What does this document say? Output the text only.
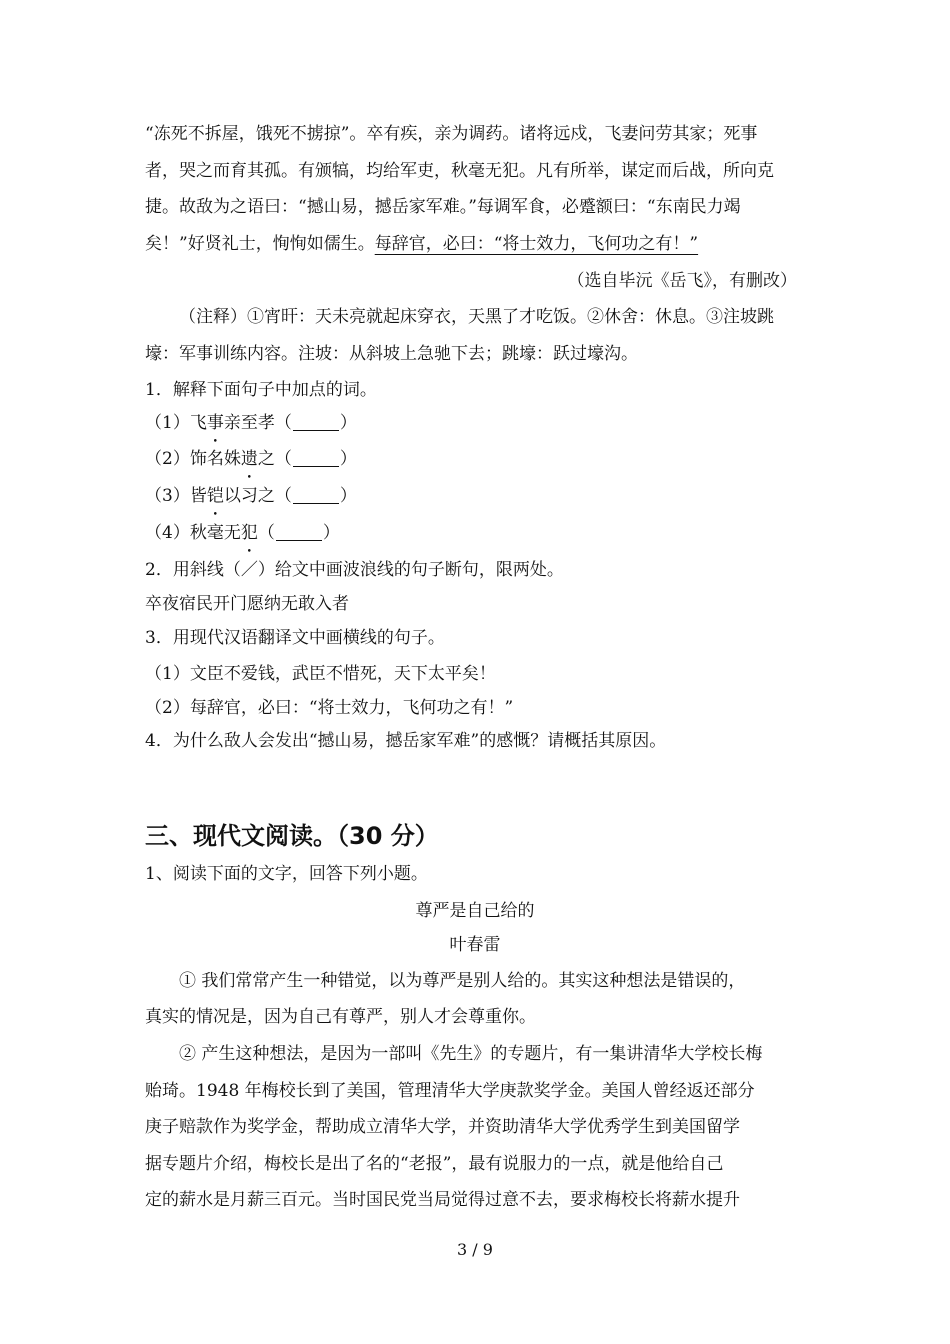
“冻死不拆屋，饿死不掳掠”。卒有疾，亲为调药。诸将远戍，飞妻问劳其家；死事
者，哭之而育其孤。有颁犒，均给军吏，秋毫无犯。凡有所举，谋定而后战，所向克
捷。故敌为之语曰：“撼山易，撼岳家军难。”每调军食，必蹙额曰：“东南民力竭
矣！”好贤礼士，恂恂如儒生。每辞官，必曰：“将士效力，飞何功之有！”
（选自毕沅《岳飞》，有删改）
（注释）①宵旰：天未亮就起床穿衣，天黑了才吃饭。②休舍：休息。③注坡跳
壕：军事训练内容。注坡：从斜坡上急驰下去；跳壕：跃过壕沟。
1．解释下面句子中加点的词。
（1）飞事亲至孝（	）
（2）饰名姝遗之（	）
（3）皆铠以习之（	）
（4）秋毫无犯（	）
2．用斜线（／）给文中画波浪线的句子断句，限两处。
卒夜宿民开门愿纳无敢入者
3．用现代汉语翻译文中画横线的句子。
（1）文臣不爱钱，武臣不惜死，天下太平矣！
（2）每辞官，必曰：“将士效力，飞何功之有！”
4．为什么敌人会发出“撼山易，撼岳家军难”的感慨？请概括其原因。
三、现代文阅读。（30 分）
1、阅读下面的文字，回答下列小题。
尊严是自己给的
叶春雷
① 我们常常产生一种错觉，以为尊严是别人给的。其实这种想法是错误的，
真实的情况是，因为自己有尊严，别人才会尊重你。
② 产生这种想法，是因为一部叫《先生》的专题片，有一集讲清华大学校长梅
贻琦。1948 年梅校长到了美国，管理清华大学庚款奖学金。美国人曾经返还部分
庚子赔款作为奖学金，帮助成立清华大学，并资助清华大学优秀学生到美国留学
据专题片介绍，梅校长是出了名的“老报”，最有说服力的一点，就是他给自己
定的薪水是月薪三百元。当时国民党当局觉得过意不去，要求梅校长将薪水提升
3 / 9
